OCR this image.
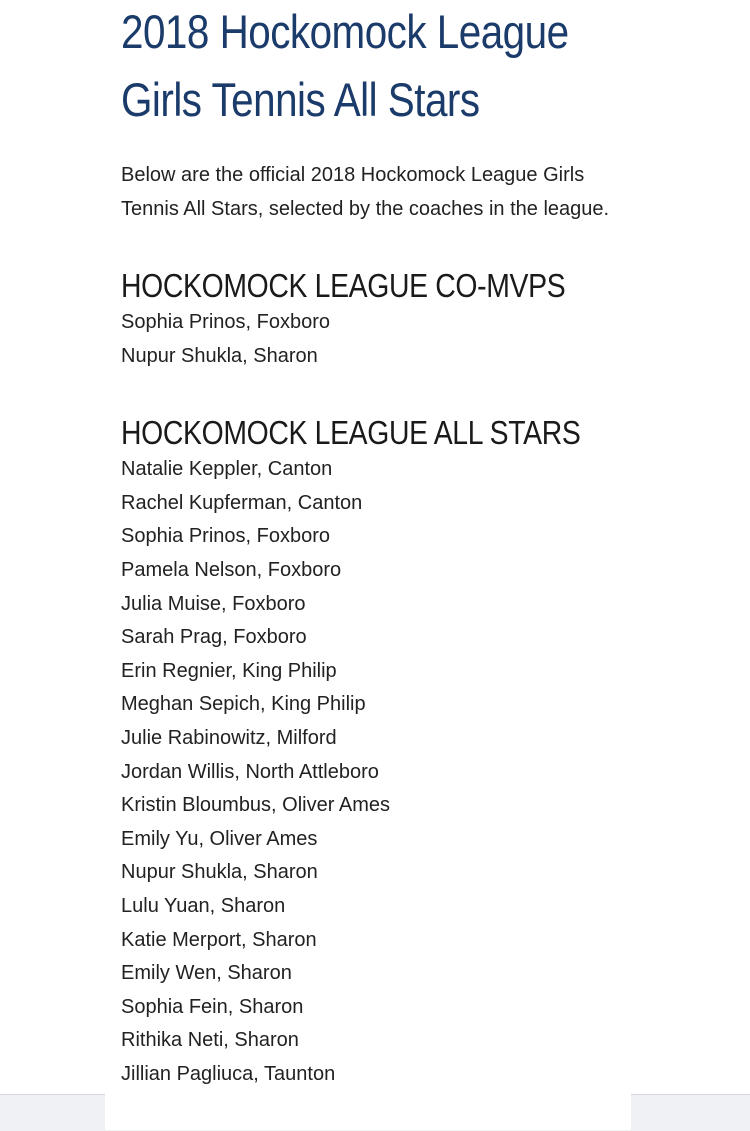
2018 Hockomock League
Girls Tennis All Stars

Below are the official 2018 Hockomock League Girls Tennis All Stars, selected by the coaches in the league.

HOCKOMOCK LEAGUE CO-MVPS
Sophia Prinos, Foxboro
Nupur Shukla, Sharon
HOCKOMOCK LEAGUE ALL STARS
Natalie Keppler, Canton
Rachel Kupferman, Canton
Sophia Prinos, Foxboro
Pamela Nelson, Foxboro
Julia Muise, Foxboro
Sarah Prag, Foxboro
Erin Regnier, King Philip
Meghan Sepich, King Philip
Julie Rabinowitz, Milford
Jordan Willis, North Attleboro
Kristin Bloumbus, Oliver Ames
Emily Yu, Oliver Ames
Nupur Shukla, Sharon
Lulu Yuan, Sharon
Katie Merport, Sharon
Emily Wen, Sharon
Sophia Fein, Sharon
Rithika Neti, Sharon
Jillian Pagliuca, Taunton
